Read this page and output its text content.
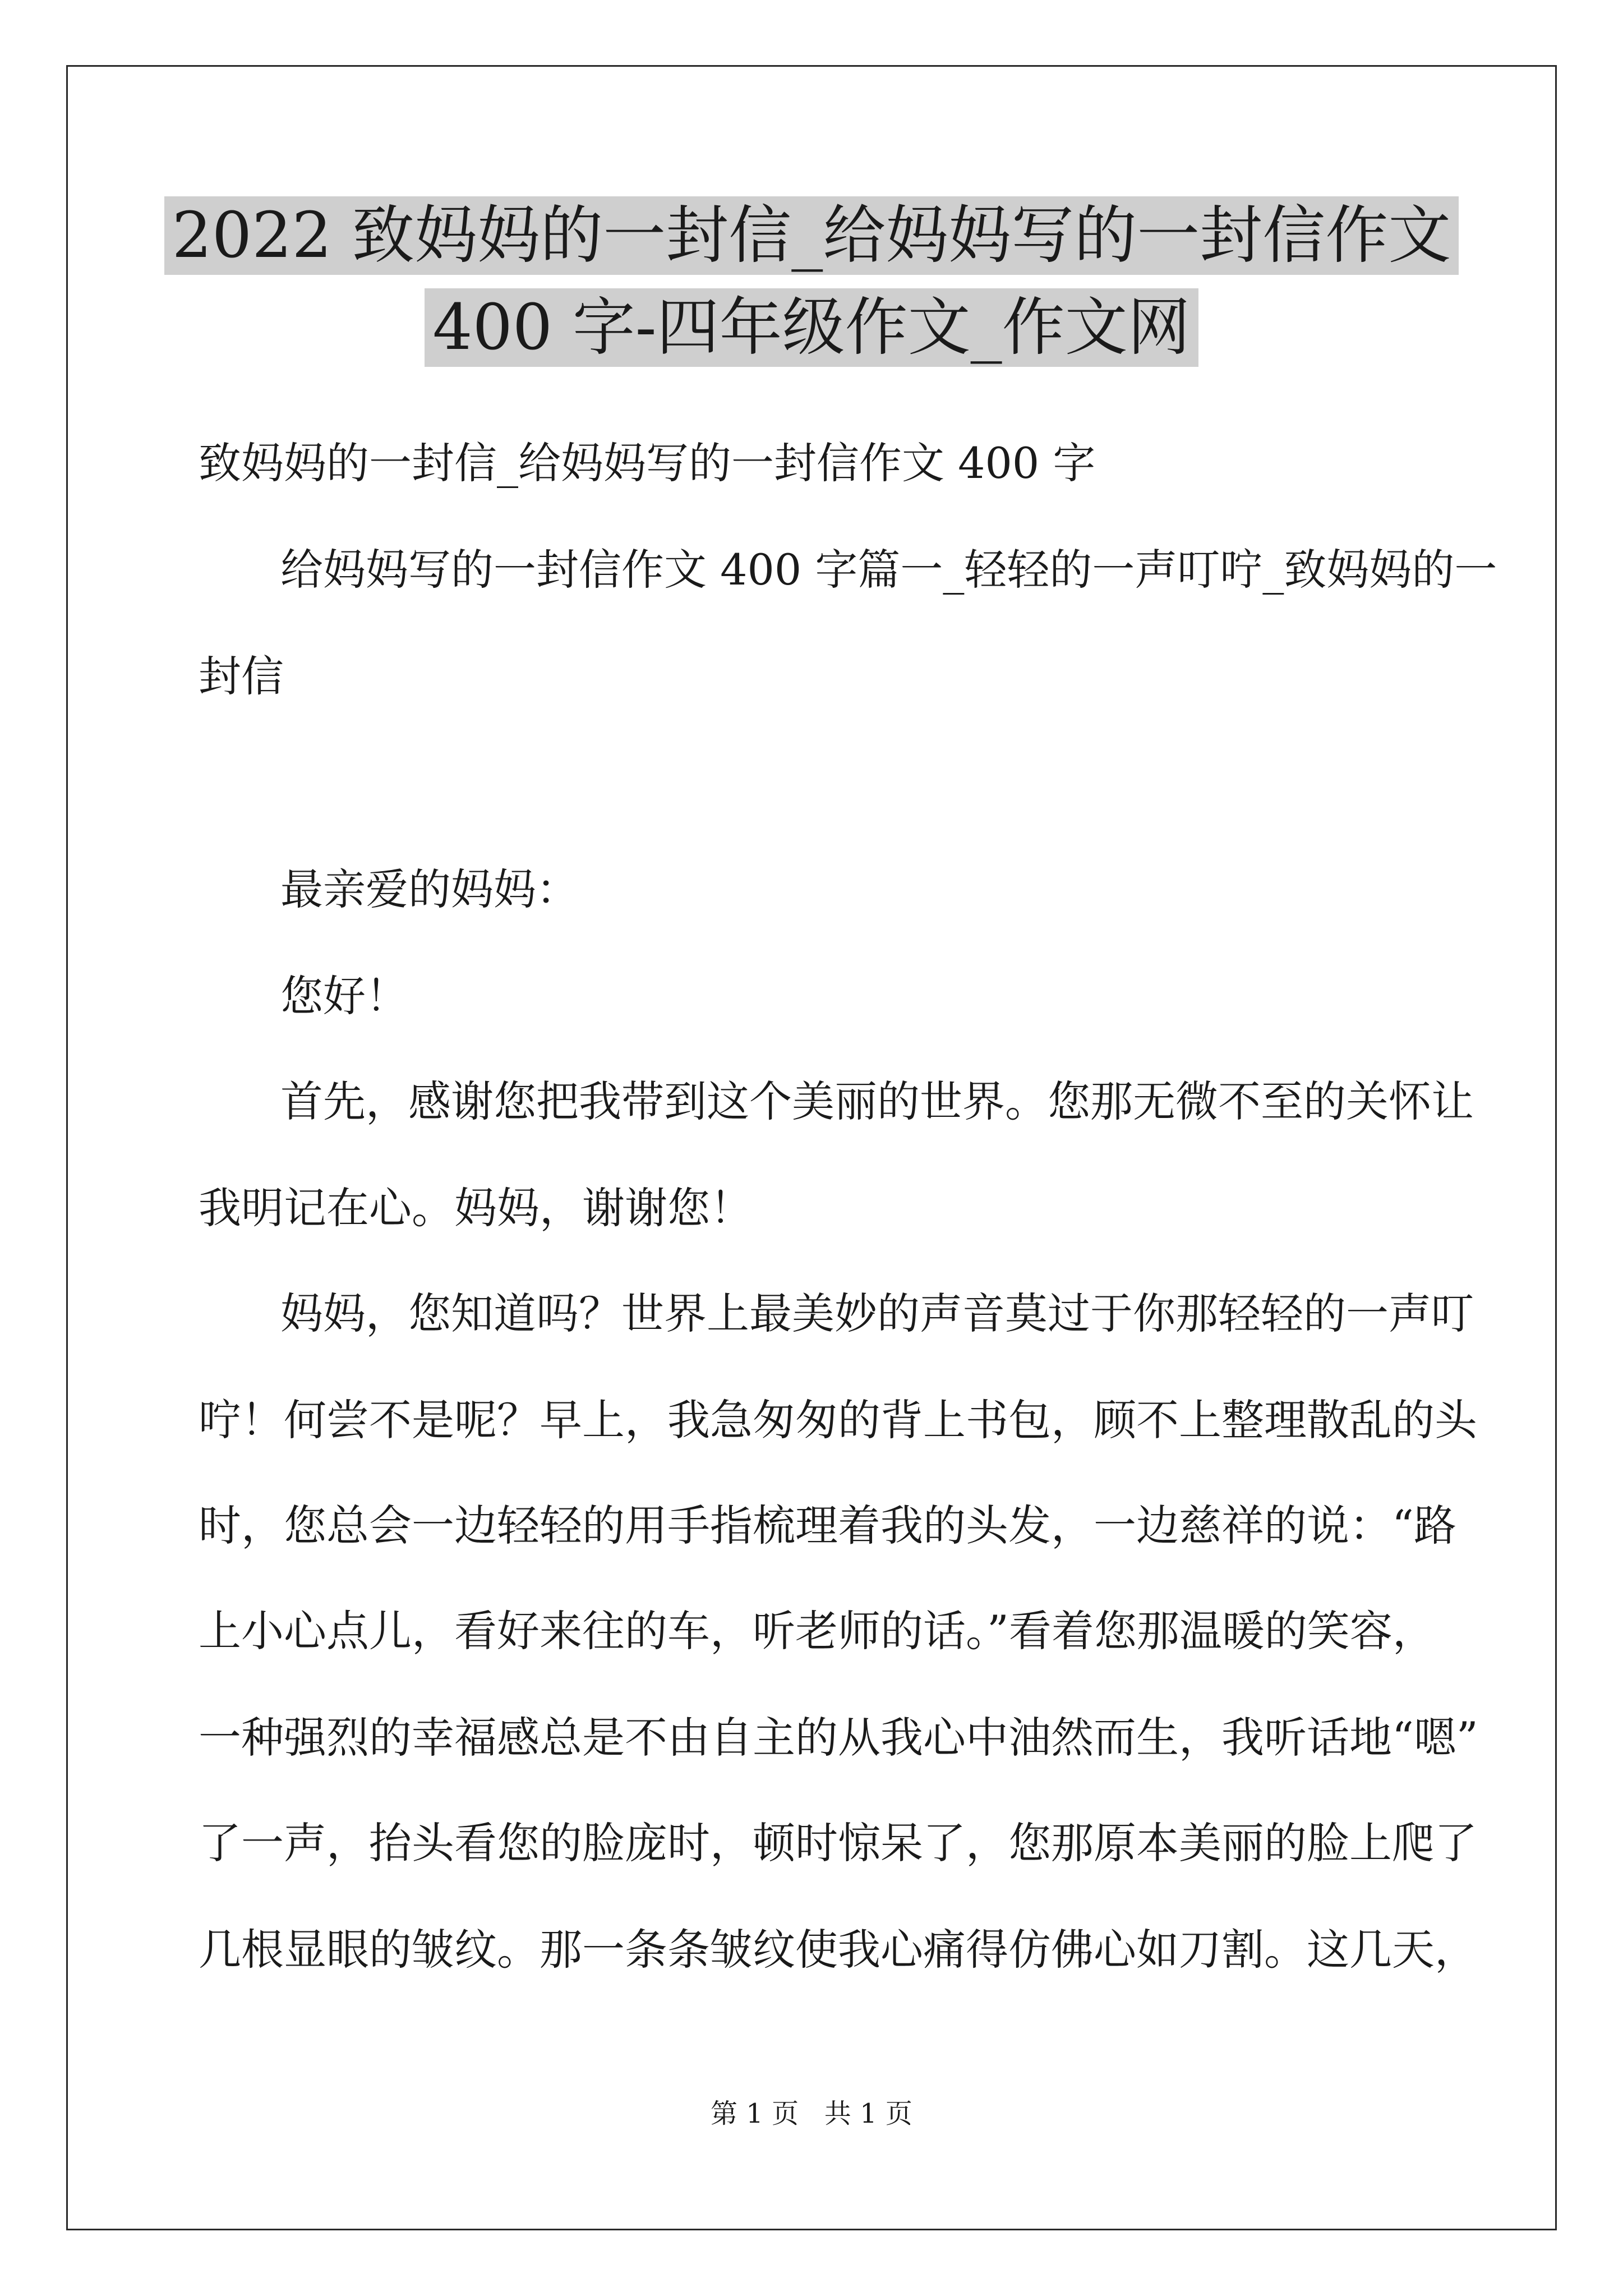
2022 致妈妈的一封信_给妈妈写的一封信作文
400 字-四年级作文_作文网
致妈妈的一封信_给妈妈写的一封信作文 400 字
给妈妈写的一封信作文 400 字篇一_轻轻的一声叮咛_致妈妈的一
封信
最亲爱的妈妈：
您好！
首先，感谢您把我带到这个美丽的世界。您那无微不至的关怀让
我明记在心。妈妈，谢谢您！
妈妈，您知道吗？世界上最美妙的声音莫过于你那轻轻的一声叮
咛！何尝不是呢？早上，我急匆匆的背上书包，顾不上整理散乱的头
时，您总会一边轻轻的用手指梳理着我的头发，一边慈祥的说：“路
上小心点儿，看好来往的车，听老师的话。”看着您那温暖的笑容，
一种强烈的幸福感总是不由自主的从我心中油然而生，我听话地“嗯”
了一声，抬头看您的脸庞时，顿时惊呆了，您那原本美丽的脸上爬了
几根显眼的皱纹。那一条条皱纹使我心痛得仿佛心如刀割。这几天，
第 1 页   共 1 页
